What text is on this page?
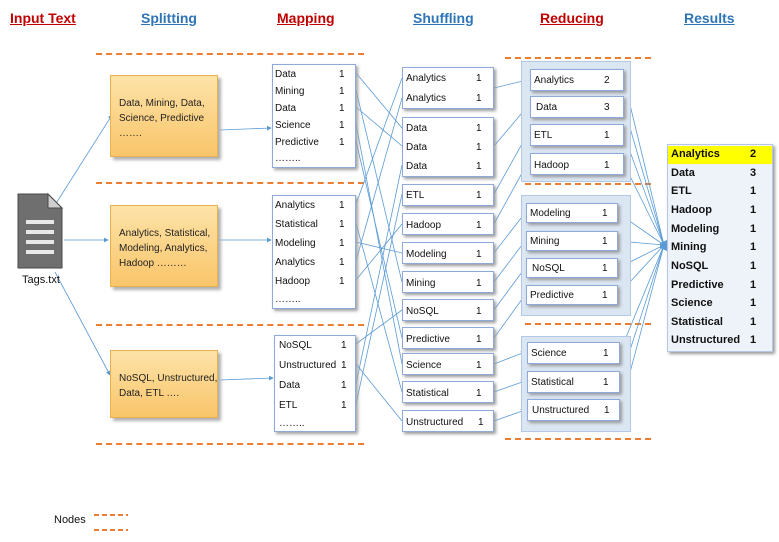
Input Text	Splitting	Mapping	Shuffling	Reducing	Results
Tags.txt
Data, Mining, Data,
Science, Predictive
…….
Analytics, Statistical,
Modeling, Analytics,
Hadoop ………
NoSQL, Unstructured,
Data, ETL ….
Data	1
Mining	1
Data	1
Science	1
Predictive 1
……..
Analytics 1
Statistical 1
Modeling 1
Analytics 1
Hadoop	1
……..
NoSQL	1
Unstructured 1
Data	1
ETL	1
……..
Analytics	1
Analytics	1
Data	1
Data	1
Data	1
ETL	1
Hadoop	1
Modeling	1
Mining	1
NoSQL	1
Predictive	1
Science	1
Statistical	1
Unstructured 1
Analytics	2
Data	3
ETL	1
Hadoop	1
Modeling	1
Mining	1
NoSQL	1
Predictive	1
Science	1
Statistical	1
Unstructured 1
Analytics	2
Data	3
ETL	1
Hadoop	1
Modeling	1
Mining	1
NoSQL	1
Predictive 1
Science	1
Statistical 1
Unstructured 1
Nodes
